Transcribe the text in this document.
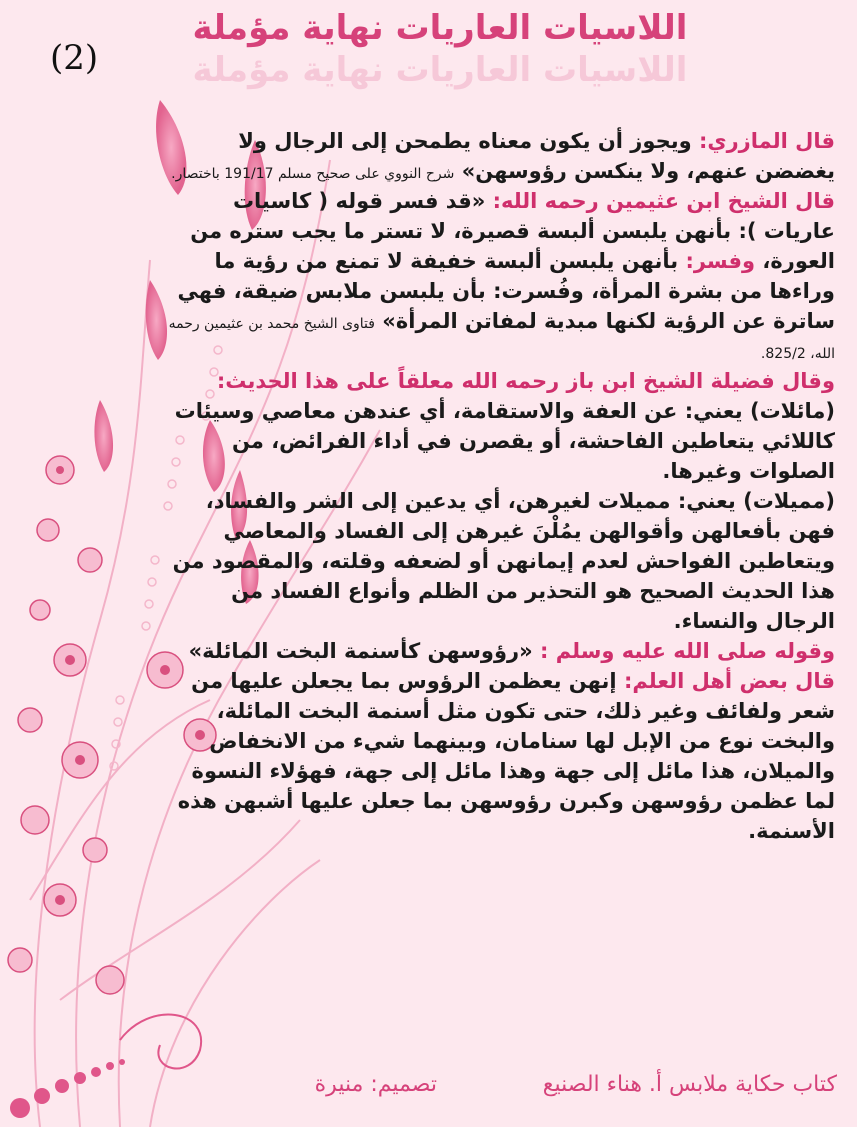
(2)	اللاسيات العاريات نهاية مؤملة
اللاسيات العاريات نهاية مؤملة

قال المازري: ويجوز أن يكون معناه يطمحن إلى الرجال ولا يغضضن عنهم، ولا ينكسن رؤوسهن» شرح النووي على صحيح مسلم 191/17 باختصار.

قال الشيخ ابن عثيمين رحمه الله: «قد فسر قوله ( كاسيات عاريات ): بأنهن يلبسن ألبسة قصيرة، لا تستر ما يجب ستره من العورة، وفسر: بأنهن يلبسن ألبسة خفيفة لا تمنع من رؤية ما وراءها من بشرة المرأة، وفُسرت: بأن يلبسن ملابس ضيقة، فهي ساترة عن الرؤية لكنها مبدية لمفاتن المرأة» فتاوى الشيخ محمد بن عثيمين رحمه الله، 825/2.

وقال فضيلة الشيخ ابن باز رحمه الله معلقاً على هذا الحديث:

(مائلات) يعني: عن العفة والاستقامة، أي عندهن معاصي وسيئات كاللائي يتعاطين الفاحشة، أو يقصرن في أداء الفرائض، من الصلوات وغيرها.

(مميلات) يعني: مميلات لغيرهن، أي يدعين إلى الشر والفساد، فهن بأفعالهن وأقوالهن يمُلْنَ غيرهن إلى الفساد والمعاصي ويتعاطين الفواحش لعدم إيمانهن أو لضعفه وقلته، والمقصود من هذا الحديث الصحيح هو التحذير من الظلم وأنواع الفساد من الرجال والنساء.

وقوله صلى الله عليه وسلم : «رؤوسهن كأسنمة البخت المائلة»

قال بعض أهل العلم: إنهن يعظمن الرؤوس بما يجعلن عليها من شعر ولفائف وغير ذلك، حتى تكون مثل أسنمة البخت المائلة، والبخت نوع من الإبل لها سنامان، وبينهما شيء من الانخفاض والميلان، هذا مائل إلى جهة وهذا مائل إلى جهة، فهؤلاء النسوة لما عظمن رؤوسهن وكبرن رؤوسهن بما جعلن عليها أشبهن هذه الأسنمة.

كتاب حكاية ملابس أ. هناء الصنيع
تصميم: منيرة
